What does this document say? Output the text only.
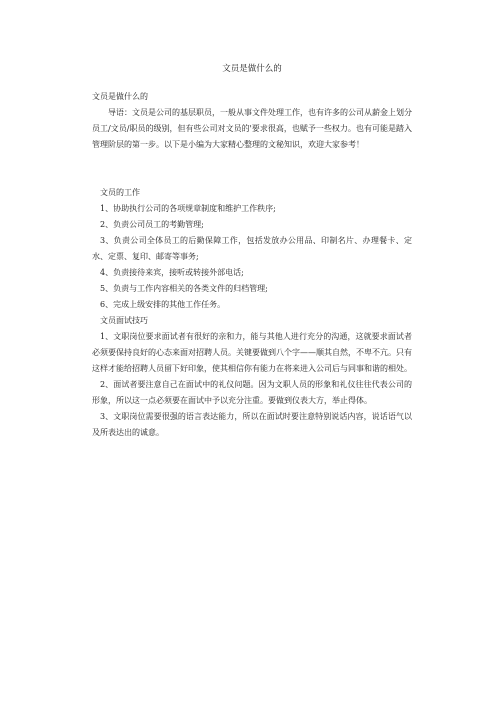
文员是做什么的

文员是做什么的

导语：文员是公司的基层职员，一般从事文件处理工作，也有许多的公司从薪金上划分员工/文员/职员的级别，但有些公司对文员的'要求很高，也赋予一些权力。也有可能是踏入管理阶层的第一步。以下是小编为大家精心整理的文秘知识，欢迎大家参考！

文员的工作

1、协助执行公司的各项规章制度和维护工作秩序;
2、负责公司员工的考勤管理;
3、负责公司全体员工的后勤保障工作，包括发放办公用品、印制名片、办理餐卡、定水、定票、复印、邮寄等事务;
4、负责接待来宾，接听或转接外部电话;
5、负责与工作内容相关的各类文件的归档管理;
6、完成上级安排的其他工作任务。

文员面试技巧

1、文职岗位要求面试者有很好的亲和力，能与其他人进行充分的沟通，这就要求面试者必须要保持良好的心态来面对招聘人员。关键要做到八个字——顺其自然，不卑不亢。只有这样才能给招聘人员留下好印象，使其相信你有能力在将来进入公司后与同事和谐的相处。
2、面试者要注意自己在面试中的礼仪问题。因为文职人员的形象和礼仪往往代表公司的形象，所以这一点必须要在面试中予以充分注重。要做到仪表大方，举止得体。
3、文职岗位需要很强的语言表达能力，所以在面试时要注意特别说话内容，说话语气以及所表达出的诚意。
